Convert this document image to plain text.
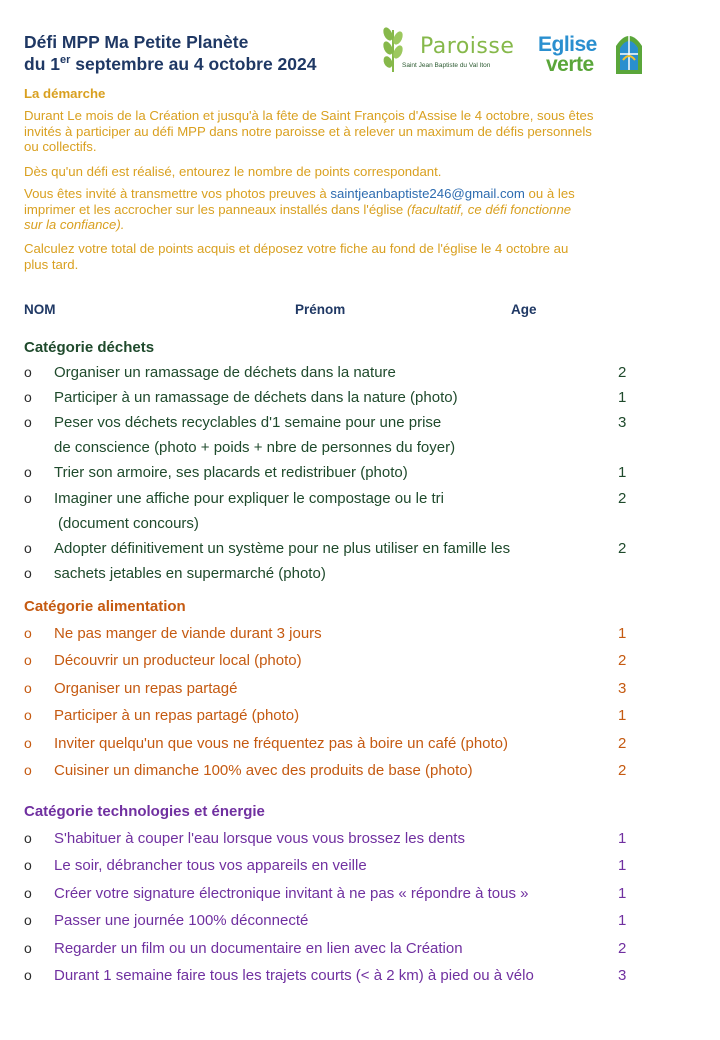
Défi MPP Ma Petite Planète
du 1er septembre au 4 octobre 2024
Paroisse
Saint Jean Baptiste du Val Iton
Eglise
verte
La démarche
Durant Le mois de la Création et jusqu'à la fête de Saint François d'Assise le 4 octobre, sous êtes
invités à participer au défi MPP dans notre paroisse et à relever un maximum de défis personnels
ou collectifs.
Dès qu'un défi est réalisé, entourez le nombre de points correspondant.
Vous êtes invité à transmettre vos photos preuves à saintjeanbaptiste246@gmail.com ou à les
imprimer et les accrocher sur les panneaux installés dans l'église (facultatif, ce défi fonctionne
sur la confiance).
Calculez votre total de points acquis et déposez votre fiche au fond de l'église le 4 octobre au
plus tard.
NOM	Prénom	Age
Catégorie déchets
o Organiser un ramassage de déchets dans la nature	2
o Participer à un ramassage de déchets dans la nature (photo)	1
o Peser vos déchets recyclables d'1 semaine pour une prise	3
de conscience (photo + poids + nbre de personnes du foyer)
o Trier son armoire, ses placards et redistribuer (photo)	1
o Imaginer une affiche pour expliquer le compostage ou le tri	2
(document concours)
o Adopter définitivement un système pour ne plus utiliser en famille les	2
o sachets jetables en supermarché (photo)
Catégorie alimentation
o Ne pas manger de viande durant 3 jours	1
o Découvrir un producteur local (photo)	2
o Organiser un repas partagé	3
o Participer à un repas partagé (photo)	1
o Inviter quelqu'un que vous ne fréquentez pas à boire un café (photo)	2
o Cuisiner un dimanche 100% avec des produits de base (photo)	2
Catégorie technologies et énergie
o S'habituer à couper l'eau lorsque vous vous brossez les dents	1
o Le soir, débrancher tous vos appareils en veille	1
o Créer votre signature électronique invitant à ne pas « répondre à tous »	1
o Passer une journée 100% déconnecté	1
o Regarder un film ou un documentaire en lien avec la Création	2
o Durant 1 semaine faire tous les trajets courts (< à 2 km) à pied ou à vélo	3
